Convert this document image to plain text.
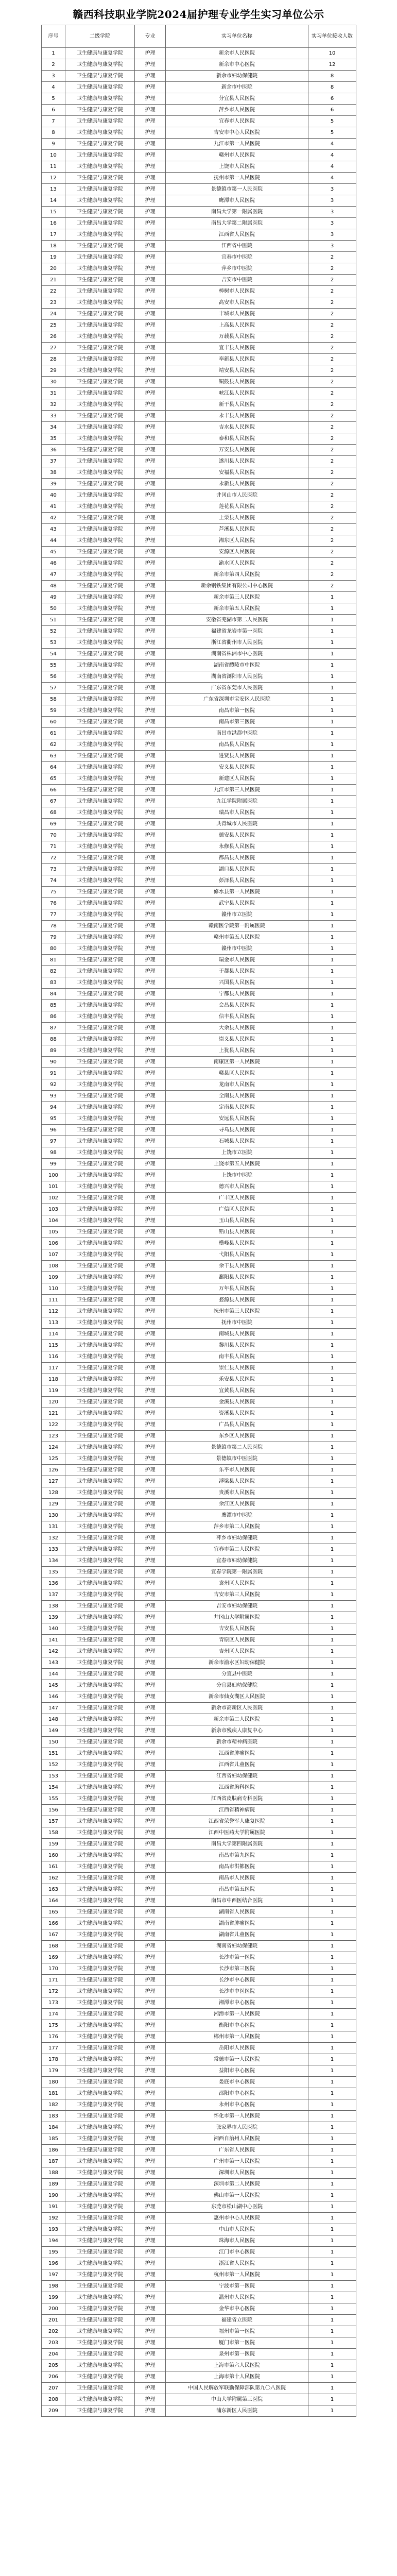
赣西科技职业学院2024届护理专业学生实习单位公示
序号	二级学院	专业	实习单位名称	实习单位接收人数
1	卫生健康与康复学院	护理	新余市人民医院	10
2	卫生健康与康复学院	护理	新余市中心医院	12
3	卫生健康与康复学院	护理	新余市妇幼保健院	8
4	卫生健康与康复学院	护理	新余市中医院	8
5	卫生健康与康复学院	护理	分宜县人民医院	6
6	卫生健康与康复学院	护理	萍乡市人民医院	6
7	卫生健康与康复学院	护理	宜春市人民医院	5
8	卫生健康与康复学院	护理	吉安市中心人民医院	5
9	卫生健康与康复学院	护理	九江市第一人民医院	4
10	卫生健康与康复学院	护理	赣州市人民医院	4
11	卫生健康与康复学院	护理	上饶市人民医院	4
12	卫生健康与康复学院	护理	抚州市第一人民医院	4
13	卫生健康与康复学院	护理	景德镇市第一人民医院	3
14	卫生健康与康复学院	护理	鹰潭市人民医院	3
15	卫生健康与康复学院	护理	南昌大学第一附属医院	3
16	卫生健康与康复学院	护理	南昌大学第二附属医院	3
17	卫生健康与康复学院	护理	江西省人民医院	3
18	卫生健康与康复学院	护理	江西省中医院	3
19	卫生健康与康复学院	护理	宜春市中医院	2
20	卫生健康与康复学院	护理	萍乡市中医院	2
21	卫生健康与康复学院	护理	吉安市中医院	2
22	卫生健康与康复学院	护理	樟树市人民医院	2
23	卫生健康与康复学院	护理	高安市人民医院	2
24	卫生健康与康复学院	护理	丰城市人民医院	2
25	卫生健康与康复学院	护理	上高县人民医院	2
26	卫生健康与康复学院	护理	万载县人民医院	2
27	卫生健康与康复学院	护理	宜丰县人民医院	2
28	卫生健康与康复学院	护理	奉新县人民医院	2
29	卫生健康与康复学院	护理	靖安县人民医院	2
30	卫生健康与康复学院	护理	铜鼓县人民医院	2
31	卫生健康与康复学院	护理	峡江县人民医院	2
32	卫生健康与康复学院	护理	新干县人民医院	2
33	卫生健康与康复学院	护理	永丰县人民医院	2
34	卫生健康与康复学院	护理	吉水县人民医院	2
35	卫生健康与康复学院	护理	泰和县人民医院	2
36	卫生健康与康复学院	护理	万安县人民医院	2
37	卫生健康与康复学院	护理	遂川县人民医院	2
38	卫生健康与康复学院	护理	安福县人民医院	2
39	卫生健康与康复学院	护理	永新县人民医院	2
40	卫生健康与康复学院	护理	井冈山市人民医院	2
41	卫生健康与康复学院	护理	莲花县人民医院	2
42	卫生健康与康复学院	护理	上栗县人民医院	2
43	卫生健康与康复学院	护理	芦溪县人民医院	2
44	卫生健康与康复学院	护理	湘东区人民医院	2
45	卫生健康与康复学院	护理	安源区人民医院	2
46	卫生健康与康复学院	护理	渝水区人民医院	2
47	卫生健康与康复学院	护理	新余市第四人民医院	2
48	卫生健康与康复学院	护理	新余钢铁集团有限公司中心医院	2
49	卫生健康与康复学院	护理	新余市第三人民医院	1
50	卫生健康与康复学院	护理	新余市第五人民医院	1
51	卫生健康与康复学院	护理	安徽省芜湖市第二人民医院	1
52	卫生健康与康复学院	护理	福建省龙岩市第一医院	1
53	卫生健康与康复学院	护理	浙江省衢州市人民医院	1
54	卫生健康与康复学院	护理	湖南省株洲市中心医院	1
55	卫生健康与康复学院	护理	湖南省醴陵市中医院	1
56	卫生健康与康复学院	护理	湖南省浏阳市人民医院	1
57	卫生健康与康复学院	护理	广东省东莞市人民医院	1
58	卫生健康与康复学院	护理	广东省深圳市宝安区人民医院	1
59	卫生健康与康复学院	护理	南昌市第一医院	1
60	卫生健康与康复学院	护理	南昌市第三医院	1
61	卫生健康与康复学院	护理	南昌市洪都中医院	1
62	卫生健康与康复学院	护理	南昌县人民医院	1
63	卫生健康与康复学院	护理	进贤县人民医院	1
64	卫生健康与康复学院	护理	安义县人民医院	1
65	卫生健康与康复学院	护理	新建区人民医院	1
66	卫生健康与康复学院	护理	九江市第三人民医院	1
67	卫生健康与康复学院	护理	九江学院附属医院	1
68	卫生健康与康复学院	护理	瑞昌市人民医院	1
69	卫生健康与康复学院	护理	共青城市人民医院	1
70	卫生健康与康复学院	护理	德安县人民医院	1
71	卫生健康与康复学院	护理	永修县人民医院	1
72	卫生健康与康复学院	护理	都昌县人民医院	1
73	卫生健康与康复学院	护理	湖口县人民医院	1
74	卫生健康与康复学院	护理	彭泽县人民医院	1
75	卫生健康与康复学院	护理	修水县第一人民医院	1
76	卫生健康与康复学院	护理	武宁县人民医院	1
77	卫生健康与康复学院	护理	赣州市立医院	1
78	卫生健康与康复学院	护理	赣南医学院第一附属医院	1
79	卫生健康与康复学院	护理	赣州市第五人民医院	1
80	卫生健康与康复学院	护理	赣州市中医院	1
81	卫生健康与康复学院	护理	瑞金市人民医院	1
82	卫生健康与康复学院	护理	于都县人民医院	1
83	卫生健康与康复学院	护理	兴国县人民医院	1
84	卫生健康与康复学院	护理	宁都县人民医院	1
85	卫生健康与康复学院	护理	会昌县人民医院	1
86	卫生健康与康复学院	护理	信丰县人民医院	1
87	卫生健康与康复学院	护理	大余县人民医院	1
88	卫生健康与康复学院	护理	崇义县人民医院	1
89	卫生健康与康复学院	护理	上犹县人民医院	1
90	卫生健康与康复学院	护理	南康区第一人民医院	1
91	卫生健康与康复学院	护理	赣县区人民医院	1
92	卫生健康与康复学院	护理	龙南市人民医院	1
93	卫生健康与康复学院	护理	全南县人民医院	1
94	卫生健康与康复学院	护理	定南县人民医院	1
95	卫生健康与康复学院	护理	安远县人民医院	1
96	卫生健康与康复学院	护理	寻乌县人民医院	1
97	卫生健康与康复学院	护理	石城县人民医院	1
98	卫生健康与康复学院	护理	上饶市立医院	1
99	卫生健康与康复学院	护理	上饶市第五人民医院	1
100	卫生健康与康复学院	护理	上饶市中医院	1
101	卫生健康与康复学院	护理	德兴市人民医院	1
102	卫生健康与康复学院	护理	广丰区人民医院	1
103	卫生健康与康复学院	护理	广信区人民医院	1
104	卫生健康与康复学院	护理	玉山县人民医院	1
105	卫生健康与康复学院	护理	铅山县人民医院	1
106	卫生健康与康复学院	护理	横峰县人民医院	1
107	卫生健康与康复学院	护理	弋阳县人民医院	1
108	卫生健康与康复学院	护理	余干县人民医院	1
109	卫生健康与康复学院	护理	鄱阳县人民医院	1
110	卫生健康与康复学院	护理	万年县人民医院	1
111	卫生健康与康复学院	护理	婺源县人民医院	1
112	卫生健康与康复学院	护理	抚州市第三人民医院	1
113	卫生健康与康复学院	护理	抚州市中医院	1
114	卫生健康与康复学院	护理	南城县人民医院	1
115	卫生健康与康复学院	护理	黎川县人民医院	1
116	卫生健康与康复学院	护理	南丰县人民医院	1
117	卫生健康与康复学院	护理	崇仁县人民医院	1
118	卫生健康与康复学院	护理	乐安县人民医院	1
119	卫生健康与康复学院	护理	宜黄县人民医院	1
120	卫生健康与康复学院	护理	金溪县人民医院	1
121	卫生健康与康复学院	护理	资溪县人民医院	1
122	卫生健康与康复学院	护理	广昌县人民医院	1
123	卫生健康与康复学院	护理	东乡区人民医院	1
124	卫生健康与康复学院	护理	景德镇市第二人民医院	1
125	卫生健康与康复学院	护理	景德镇市中医医院	1
126	卫生健康与康复学院	护理	乐平市人民医院	1
127	卫生健康与康复学院	护理	浮梁县人民医院	1
128	卫生健康与康复学院	护理	贵溪市人民医院	1
129	卫生健康与康复学院	护理	余江区人民医院	1
130	卫生健康与康复学院	护理	鹰潭市中医院	1
131	卫生健康与康复学院	护理	萍乡市第二人民医院	1
132	卫生健康与康复学院	护理	萍乡市妇幼保健院	1
133	卫生健康与康复学院	护理	宜春市第二人民医院	1
134	卫生健康与康复学院	护理	宜春市妇幼保健院	1
135	卫生健康与康复学院	护理	宜春学院第一附属医院	1
136	卫生健康与康复学院	护理	袁州区人民医院	1
137	卫生健康与康复学院	护理	吉安市第三人民医院	1
138	卫生健康与康复学院	护理	吉安市妇幼保健院	1
139	卫生健康与康复学院	护理	井冈山大学附属医院	1
140	卫生健康与康复学院	护理	吉安县人民医院	1
141	卫生健康与康复学院	护理	青原区人民医院	1
142	卫生健康与康复学院	护理	吉州区人民医院	1
143	卫生健康与康复学院	护理	新余市渝水区妇幼保健院	1
144	卫生健康与康复学院	护理	分宜县中医院	1
145	卫生健康与康复学院	护理	分宜县妇幼保健院	1
146	卫生健康与康复学院	护理	新余市仙女湖区人民医院	1
147	卫生健康与康复学院	护理	新余市高新区人民医院	1
148	卫生健康与康复学院	护理	新余市第二人民医院	1
149	卫生健康与康复学院	护理	新余市残疾人康复中心	1
150	卫生健康与康复学院	护理	新余市精神病医院	1
151	卫生健康与康复学院	护理	江西省肿瘤医院	1
152	卫生健康与康复学院	护理	江西省儿童医院	1
153	卫生健康与康复学院	护理	江西省妇幼保健院	1
154	卫生健康与康复学院	护理	江西省胸科医院	1
155	卫生健康与康复学院	护理	江西省皮肤病专科医院	1
156	卫生健康与康复学院	护理	江西省精神病院	1
157	卫生健康与康复学院	护理	江西省荣誉军人康复医院	1
158	卫生健康与康复学院	护理	江西中医药大学附属医院	1
159	卫生健康与康复学院	护理	南昌大学第四附属医院	1
160	卫生健康与康复学院	护理	南昌市第九医院	1
161	卫生健康与康复学院	护理	南昌市洪都医院	1
162	卫生健康与康复学院	护理	南昌市人民医院	1
163	卫生健康与康复学院	护理	南昌市第五医院	1
164	卫生健康与康复学院	护理	南昌市中西医结合医院	1
165	卫生健康与康复学院	护理	湖南省人民医院	1
166	卫生健康与康复学院	护理	湖南省肿瘤医院	1
167	卫生健康与康复学院	护理	湖南省儿童医院	1
168	卫生健康与康复学院	护理	湖南省妇幼保健院	1
169	卫生健康与康复学院	护理	长沙市第一医院	1
170	卫生健康与康复学院	护理	长沙市第三医院	1
171	卫生健康与康复学院	护理	长沙市中心医院	1
172	卫生健康与康复学院	护理	长沙市中医医院	1
173	卫生健康与康复学院	护理	湘潭市中心医院	1
174	卫生健康与康复学院	护理	湘潭市第一人民医院	1
175	卫生健康与康复学院	护理	衡阳市中心医院	1
176	卫生健康与康复学院	护理	郴州市第一人民医院	1
177	卫生健康与康复学院	护理	岳阳市人民医院	1
178	卫生健康与康复学院	护理	常德市第一人民医院	1
179	卫生健康与康复学院	护理	益阳市中心医院	1
180	卫生健康与康复学院	护理	娄底市中心医院	1
181	卫生健康与康复学院	护理	邵阳市中心医院	1
182	卫生健康与康复学院	护理	永州市中心医院	1
183	卫生健康与康复学院	护理	怀化市第一人民医院	1
184	卫生健康与康复学院	护理	张家界市人民医院	1
185	卫生健康与康复学院	护理	湘西自治州人民医院	1
186	卫生健康与康复学院	护理	广东省人民医院	1
187	卫生健康与康复学院	护理	广州市第一人民医院	1
188	卫生健康与康复学院	护理	深圳市人民医院	1
189	卫生健康与康复学院	护理	深圳市第二人民医院	1
190	卫生健康与康复学院	护理	佛山市第一人民医院	1
191	卫生健康与康复学院	护理	东莞市松山湖中心医院	1
192	卫生健康与康复学院	护理	惠州市中心人民医院	1
193	卫生健康与康复学院	护理	中山市人民医院	1
194	卫生健康与康复学院	护理	珠海市人民医院	1
195	卫生健康与康复学院	护理	江门市中心医院	1
196	卫生健康与康复学院	护理	浙江省人民医院	1
197	卫生健康与康复学院	护理	杭州市第一人民医院	1
198	卫生健康与康复学院	护理	宁波市第一医院	1
199	卫生健康与康复学院	护理	温州市人民医院	1
200	卫生健康与康复学院	护理	金华市中心医院	1
201	卫生健康与康复学院	护理	福建省立医院	1
202	卫生健康与康复学院	护理	福州市第一医院	1
203	卫生健康与康复学院	护理	厦门市第一医院	1
204	卫生健康与康复学院	护理	泉州市第一医院	1
205	卫生健康与康复学院	护理	上海市第六人民医院	1
206	卫生健康与康复学院	护理	上海市第十人民医院	1
207	卫生健康与康复学院	护理	中国人民解放军联勤保障部队第九〇八医院	1
208	卫生健康与康复学院	护理	中山大学附属第三医院	1
209	卫生健康与康复学院	护理	浦东新区人民医院	1
